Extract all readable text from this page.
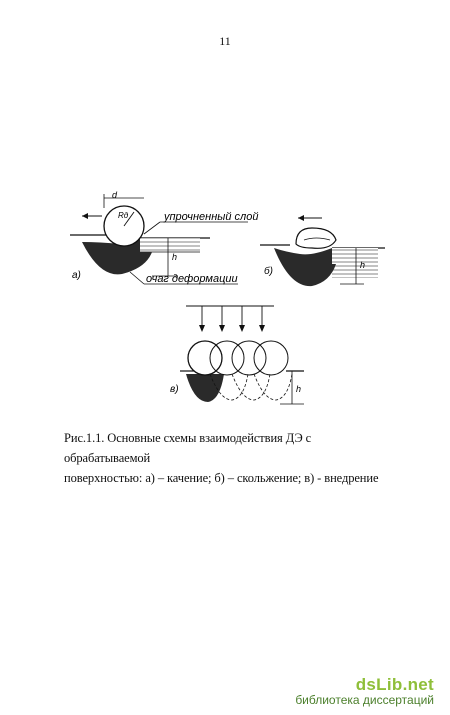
11
d
Rд
h
упрочненный слой
очаг деформации
а)
h
б)
h
в)
Рис.1.1. Основные схемы взаимодействия ДЭ с обрабатываемой
поверхностью: а) – качение; б) – скольжение; в) - внедрение
dsLib.net
библиотека диссертаций
